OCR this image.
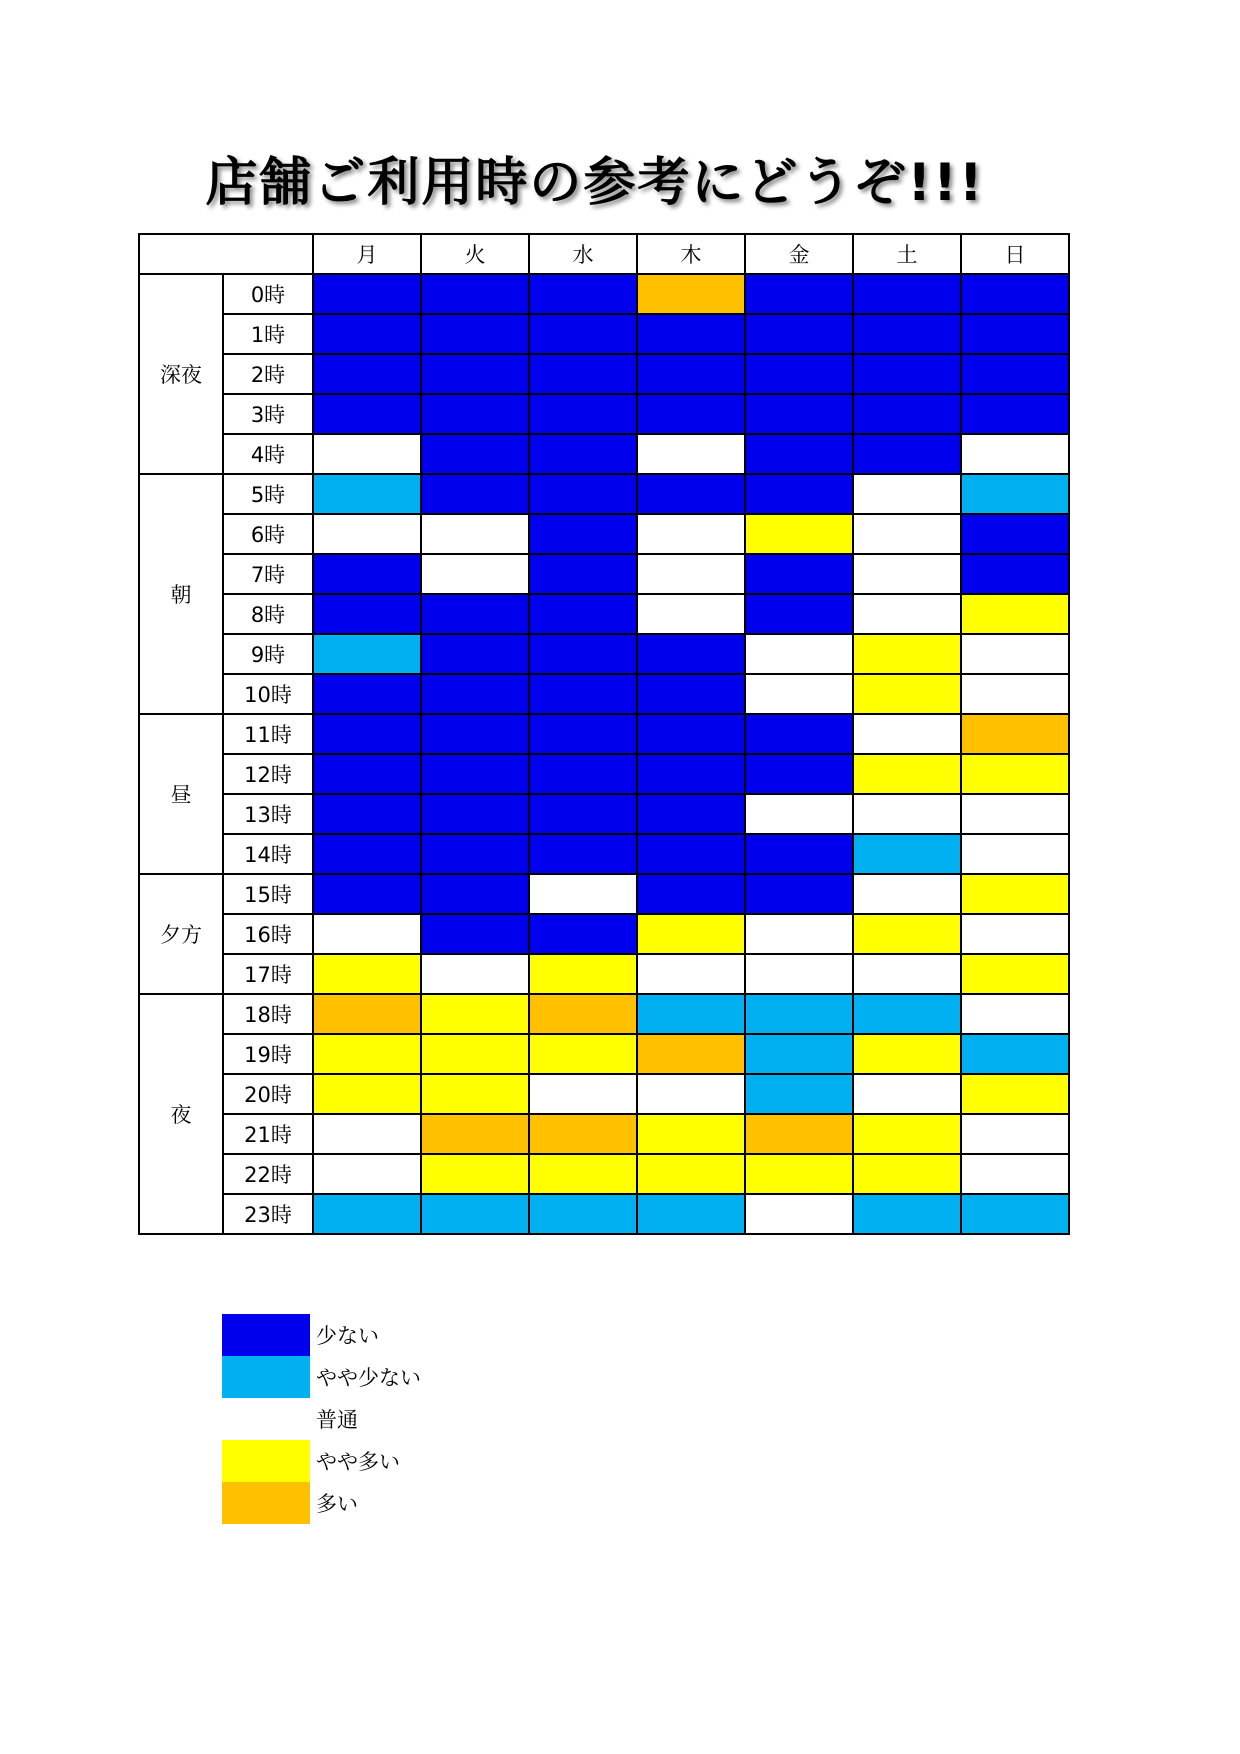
店舗ご利用時の参考にどうぞ!!!
		月	火	水	木	金	土	日
深夜	0時							
	1時							
	2時							
	3時							
	4時							
朝	5時							
	6時							
	7時							
	8時							
	9時							
	10時							
昼	11時							
	12時							
	13時							
	14時							
夕方	15時							
	16時							
	17時							
夜	18時							
	19時							
	20時							
	21時							
	22時							
	23時							
少ない
やや少ない
普通
やや多い
多い
